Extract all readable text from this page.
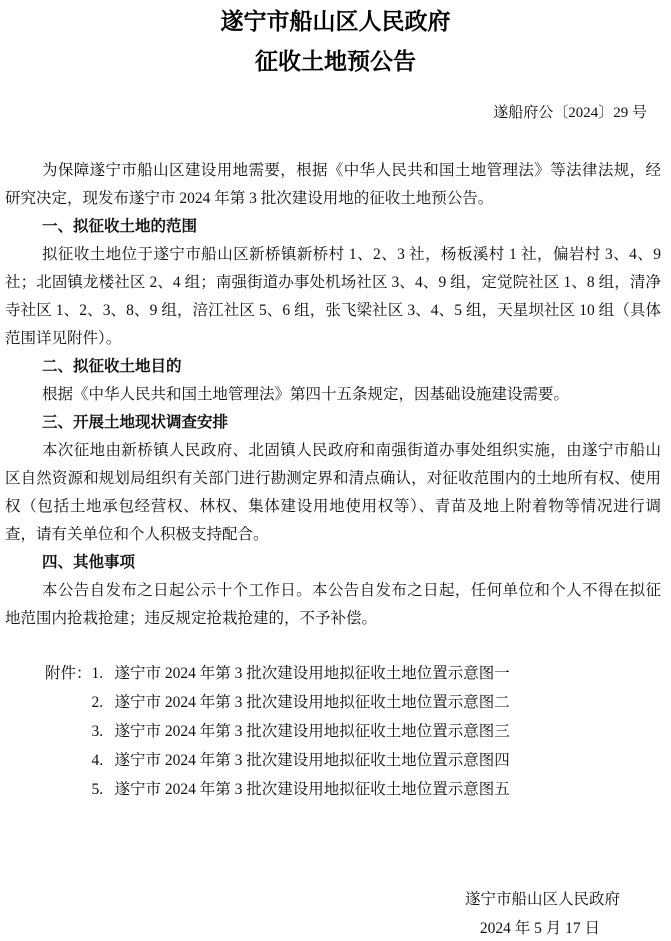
遂宁市船山区人民政府
征收土地预公告
遂船府公〔2024〕29 号

为保障遂宁市船山区建设用地需要，根据《中华人民共和国土地管理法》等法律法规，经研究决定，现发布遂宁市 2024 年第 3 批次建设用地的征收土地预公告。

一、拟征收土地的范围

拟征收土地位于遂宁市船山区新桥镇新桥村 1、2、3 社，杨板溪村 1 社，偏岩村 3、4、9 社；北固镇龙楼社区 2、4 组；南强街道办事处机场社区 3、4、9 组，定觉院社区 1、8 组，清净寺社区 1、2、3、8、9 组，涪江社区 5、6 组，张飞梁社区 3、4、5 组，天星坝社区 10 组（具体范围详见附件）。

二、拟征收土地目的

根据《中华人民共和国土地管理法》第四十五条规定，因基础设施建设需要。

三、开展土地现状调查安排

本次征地由新桥镇人民政府、北固镇人民政府和南强街道办事处组织实施，由遂宁市船山区自然资源和规划局组织有关部门进行勘测定界和清点确认，对征收范围内的土地所有权、使用权（包括土地承包经营权、林权、集体建设用地使用权等）、青苗及地上附着物等情况进行调查，请有关单位和个人积极支持配合。

四、其他事项

本公告自发布之日起公示十个工作日。本公告自发布之日起，任何单位和个人不得在拟征地范围内抢栽抢建；违反规定抢栽抢建的，不予补偿。

附件： 1. 遂宁市 2024 年第 3 批次建设用地拟征收土地位置示意图一
2. 遂宁市 2024 年第 3 批次建设用地拟征收土地位置示意图二
3. 遂宁市 2024 年第 3 批次建设用地拟征收土地位置示意图三
4. 遂宁市 2024 年第 3 批次建设用地拟征收土地位置示意图四
5. 遂宁市 2024 年第 3 批次建设用地拟征收土地位置示意图五
遂宁市船山区人民政府
2024 年 5 月 17 日
